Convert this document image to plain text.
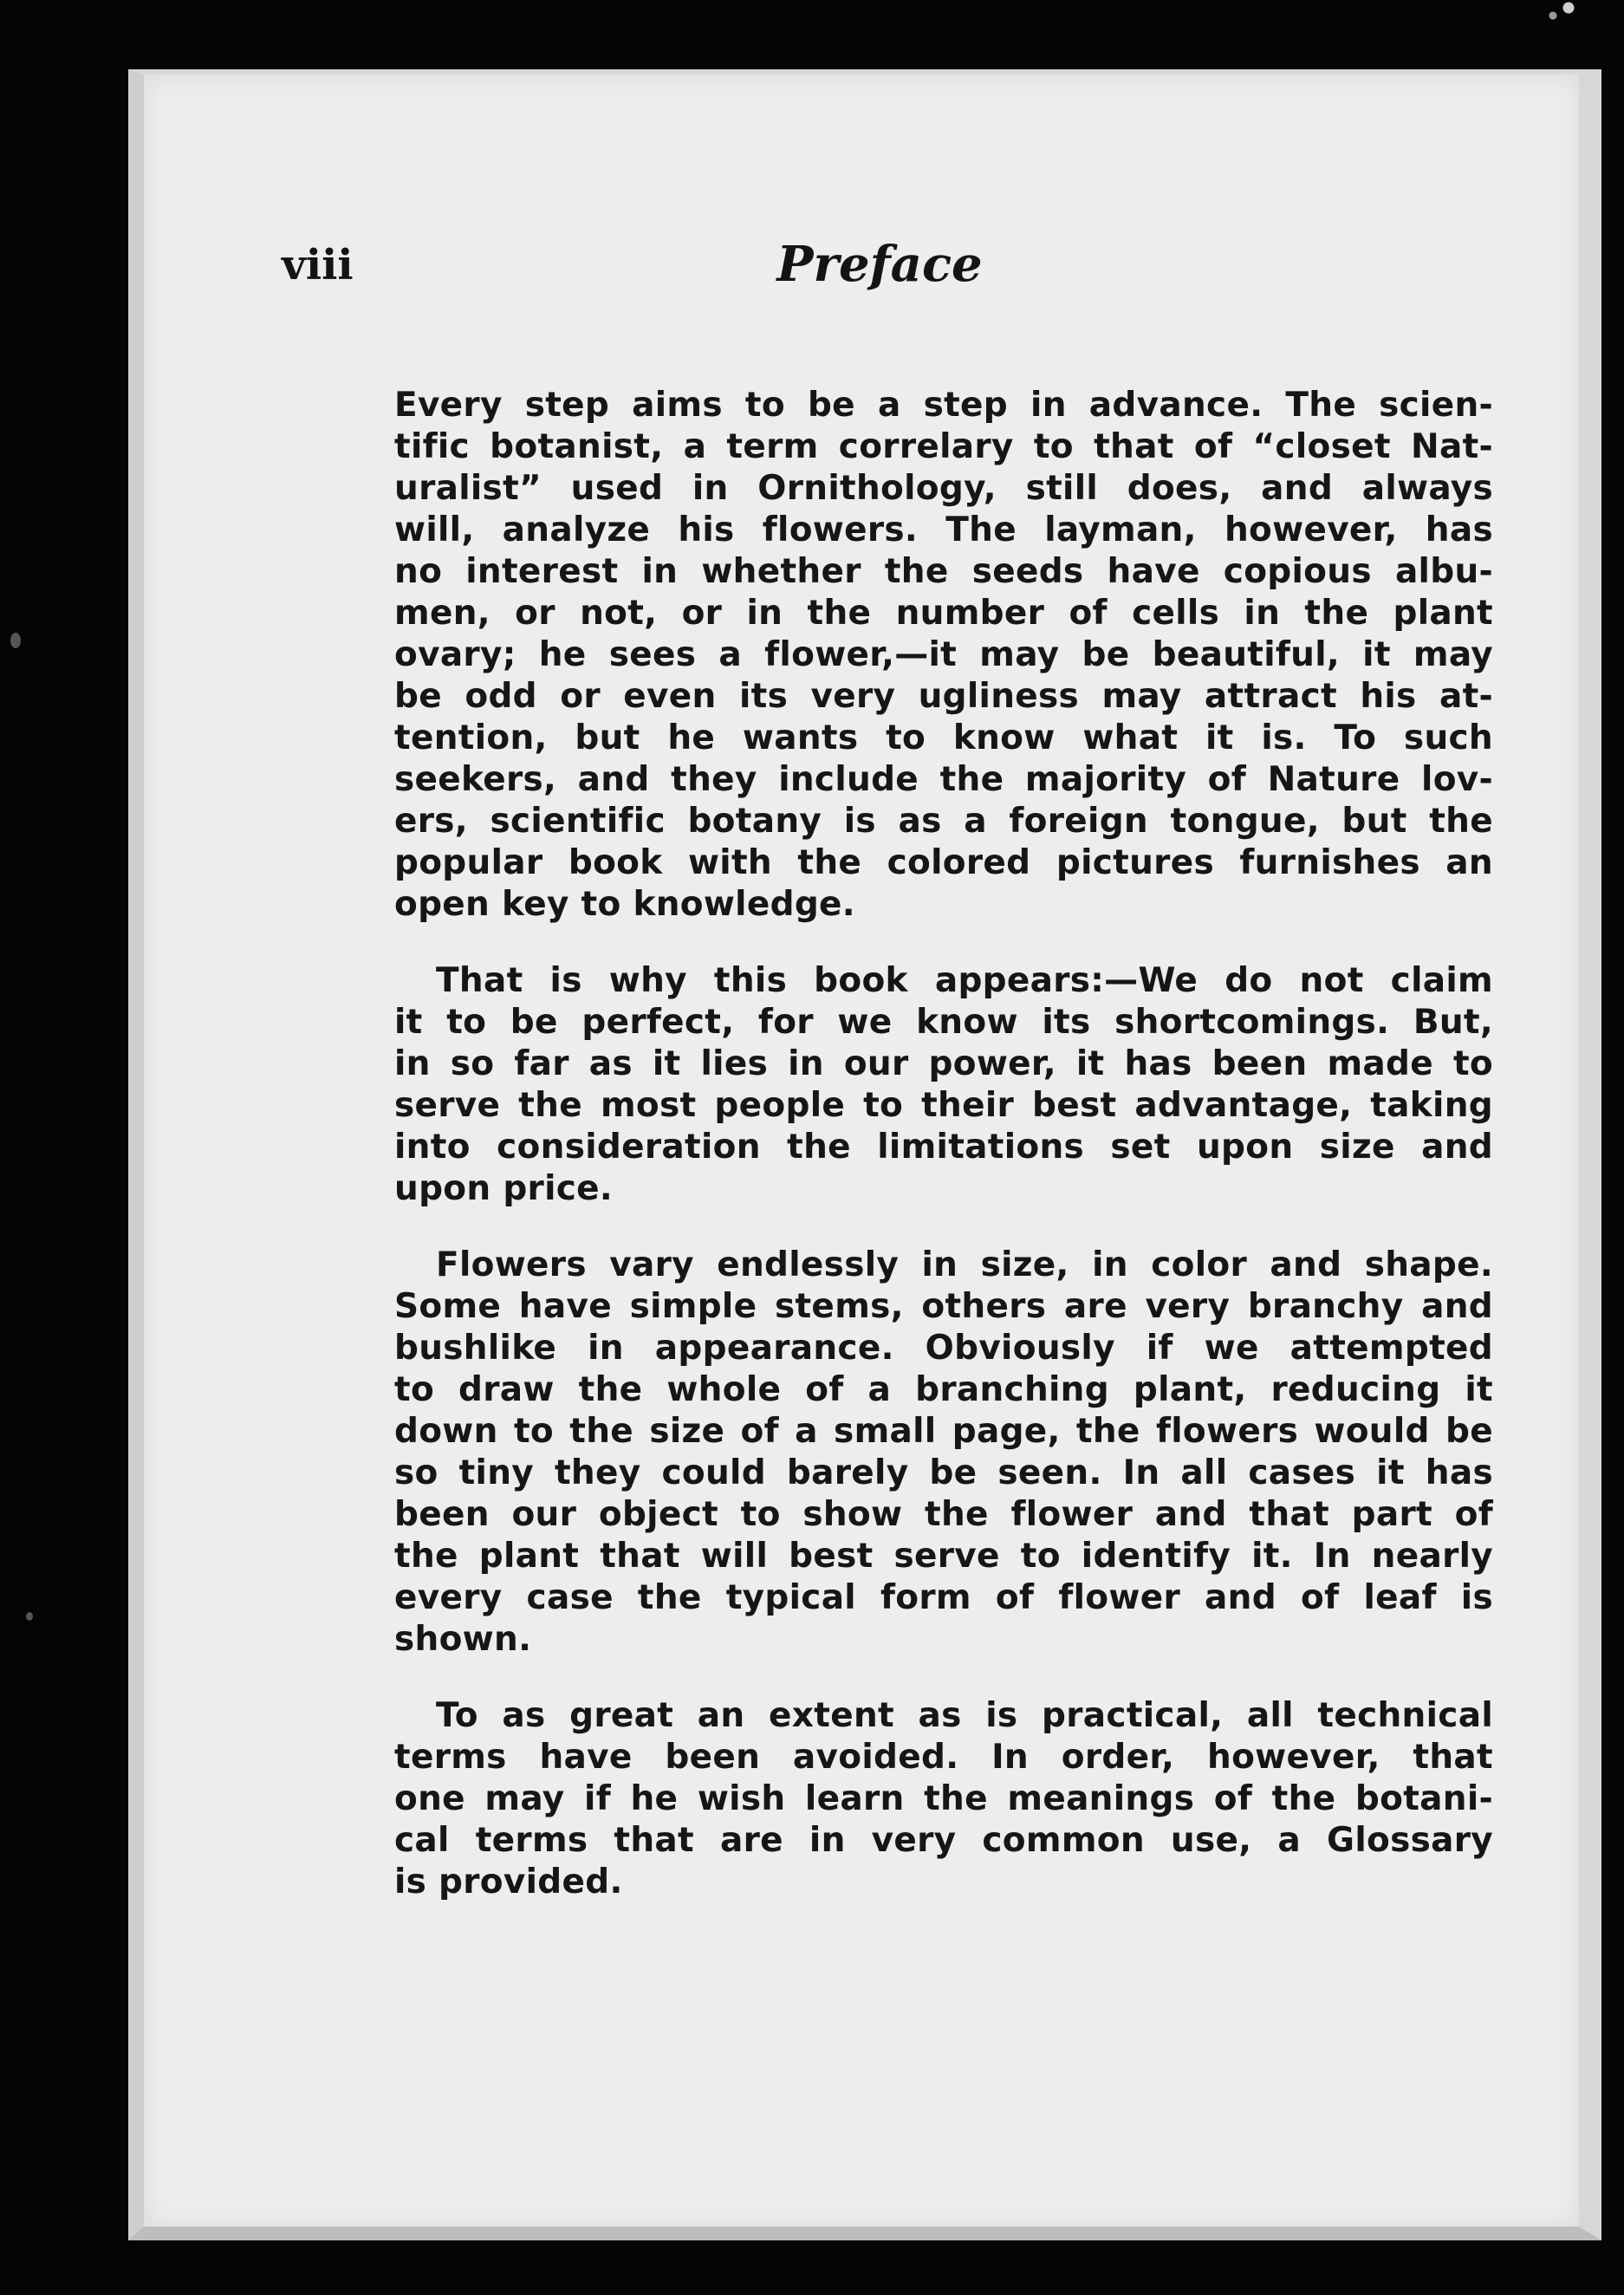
viii	Preface
Every step aims to be a step in advance. The scien-
tific botanist, a term correlary to that of “closet Nat-
uralist” used in Ornithology, still does, and always
will, analyze his flowers. The layman, however, has
no interest in whether the seeds have copious albu-
men, or not, or in the number of cells in the plant
ovary; he sees a flower,—it may be beautiful, it may
be odd or even its very ugliness may attract his at-
tention, but he wants to know what it is. To such
seekers, and they include the majority of Nature lov-
ers, scientific botany is as a foreign tongue, but the
popular book with the colored pictures furnishes an
open key to knowledge.
That is why this book appears:—We do not claim
it to be perfect, for we know its shortcomings. But,
in so far as it lies in our power, it has been made to
serve the most people to their best advantage, taking
into consideration the limitations set upon size and
upon price.
Flowers vary endlessly in size, in color and shape.
Some have simple stems, others are very branchy and
bushlike in appearance. Obviously if we attempted
to draw the whole of a branching plant, reducing it
down to the size of a small page, the flowers would be
so tiny they could barely be seen. In all cases it has
been our object to show the flower and that part of
the plant that will best serve to identify it. In nearly
every case the typical form of flower and of leaf is
shown.
To as great an extent as is practical, all technical
terms have been avoided. In order, however, that
one may if he wish learn the meanings of the botani-
cal terms that are in very common use, a Glossary
is provided.
